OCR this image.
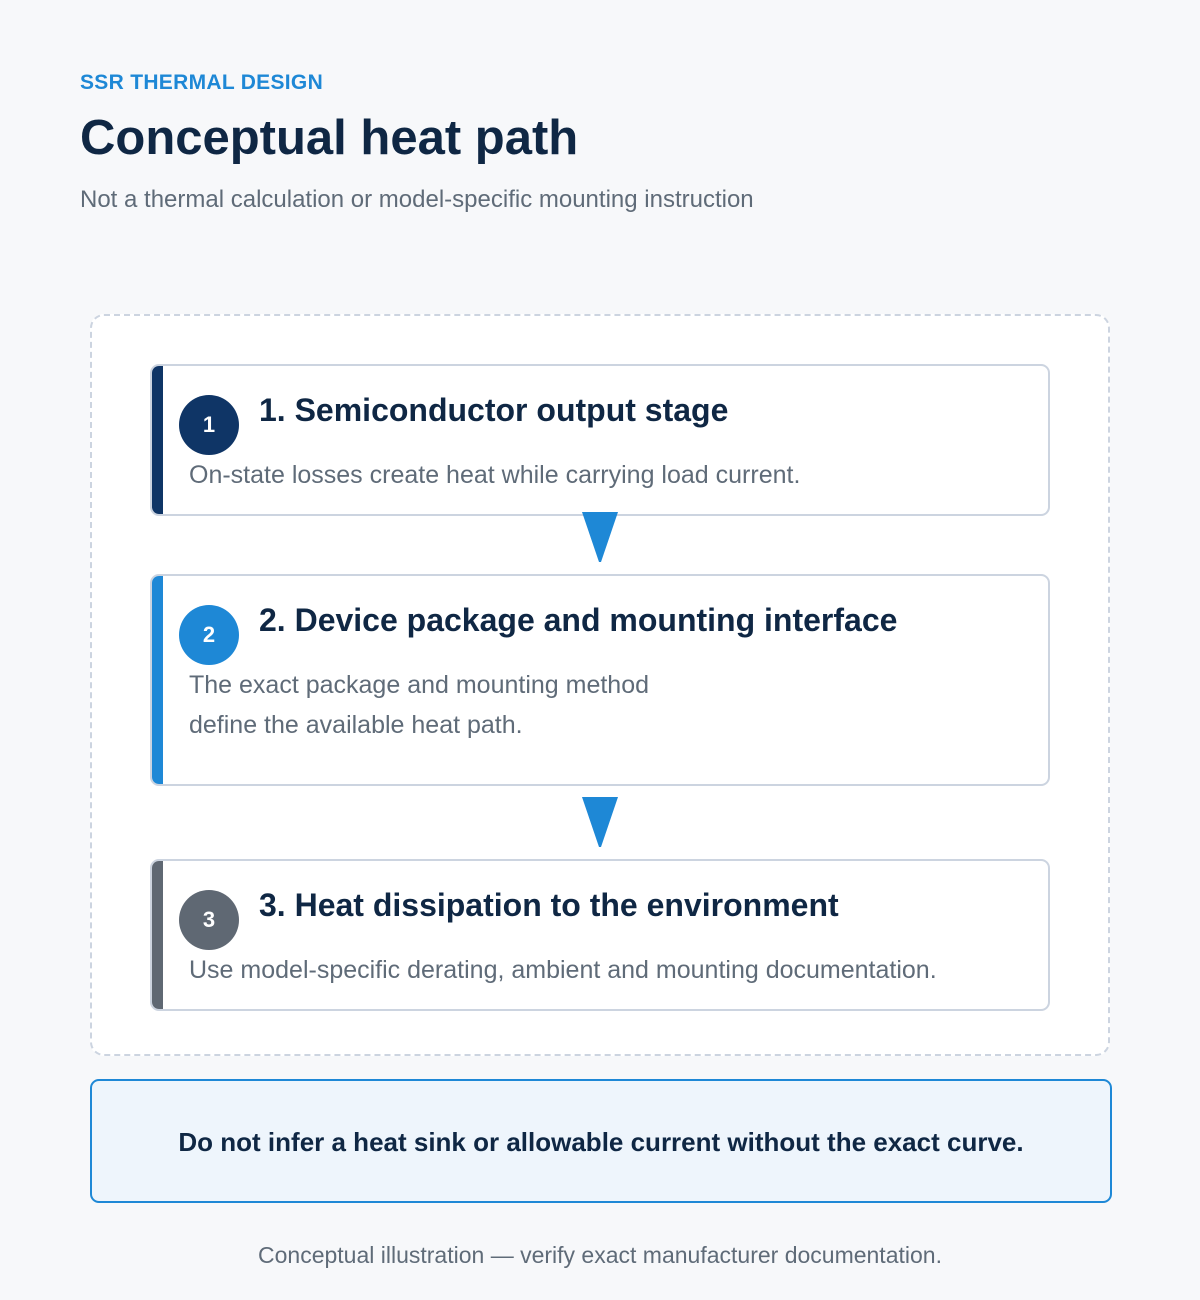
SSR THERMAL DESIGN
Conceptual heat path
Not a thermal calculation or model-specific mounting instruction
1	1. Semiconductor output stage
On-state losses create heat while carrying load current.
2	2. Device package and mounting interface
The exact package and mounting method
define the available heat path.
3	3. Heat dissipation to the environment
Use model-specific derating, ambient and mounting documentation.
Do not infer a heat sink or allowable current without the exact curve.
Conceptual illustration — verify exact manufacturer documentation.
